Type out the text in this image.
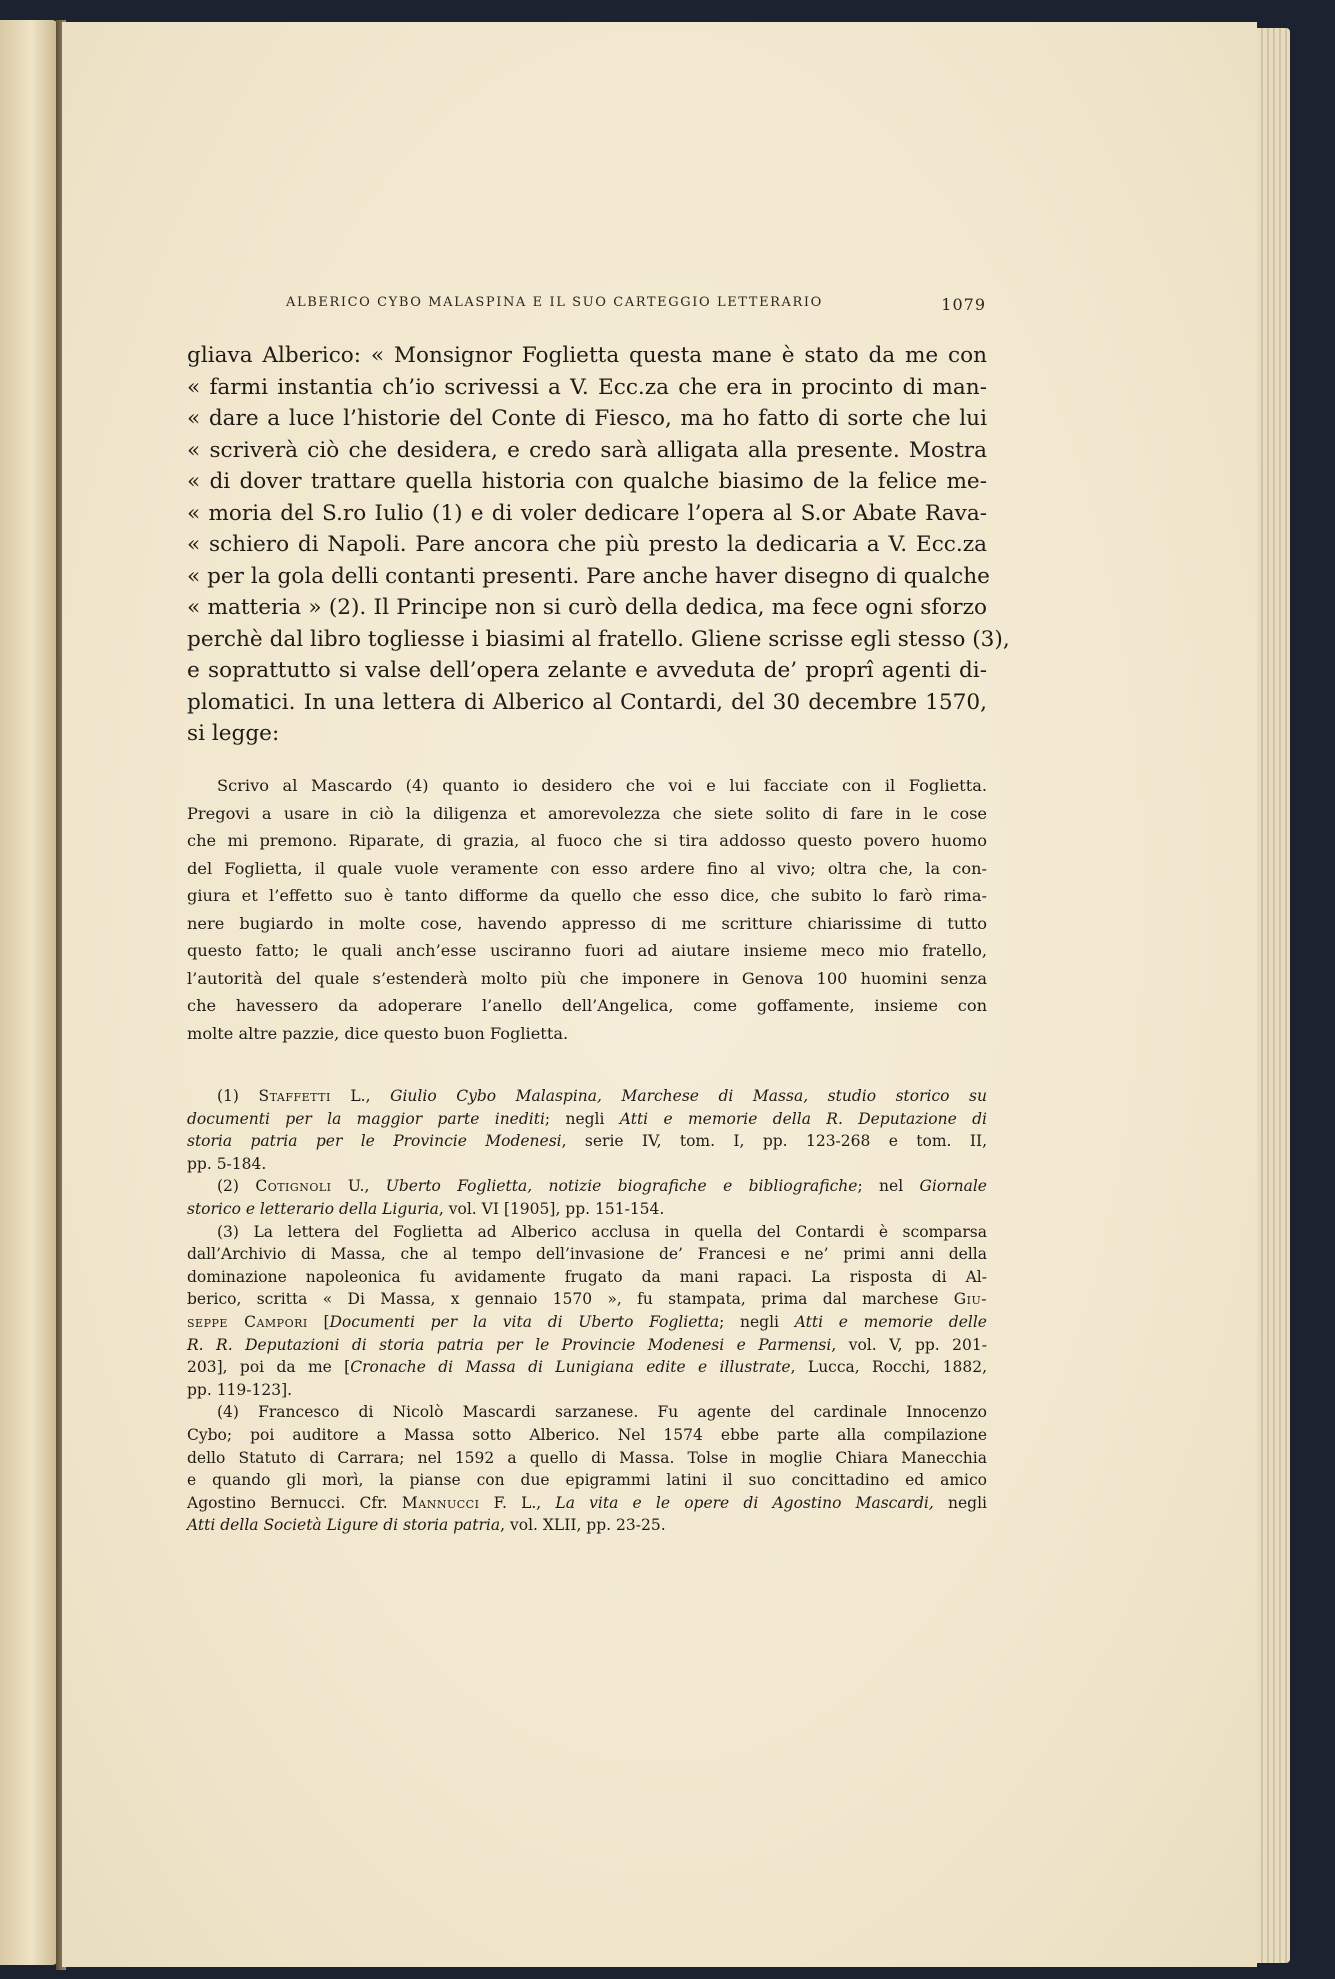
ALBERICO CYBO MALASPINA E IL SUO CARTEGGIO LETTERARIO	1079
gliava Alberico: « Monsignor Foglietta questa mane è stato da me con
« farmi instantia ch’io scrivessi a V. Ecc.za che era in procinto di man-
« dare a luce l’historie del Conte di Fiesco, ma ho fatto di sorte che lui
« scriverà ciò che desidera, e credo sarà alligata alla presente. Mostra
« di dover trattare quella historia con qualche biasimo de la felice me-
« moria del S.ro Iulio (1) e di voler dedicare l’opera al S.or Abate Rava-
« schiero di Napoli. Pare ancora che più presto la dedicaria a V. Ecc.za
« per la gola delli contanti presenti. Pare anche haver disegno di qualche
« matteria » (2). Il Principe non si curò della dedica, ma fece ogni sforzo
perchè dal libro togliesse i biasimi al fratello. Gliene scrisse egli stesso (3),
e soprattutto si valse dell’opera zelante e avveduta de’ proprî agenti di-
plomatici. In una lettera di Alberico al Contardi, del 30 decembre 1570,
si legge:
Scrivo al Mascardo (4) quanto io desidero che voi e lui facciate con il Foglietta.
Pregovi a usare in ciò la diligenza et amorevolezza che siete solito di fare in le cose
che mi premono. Riparate, di grazia, al fuoco che si tira addosso questo povero huomo
del Foglietta, il quale vuole veramente con esso ardere fino al vivo; oltra che, la con-
giura et l’effetto suo è tanto difforme da quello che esso dice, che subito lo farò rima-
nere bugiardo in molte cose, havendo appresso di me scritture chiarissime di tutto
questo fatto; le quali anch’esse usciranno fuori ad aiutare insieme meco mio fratello,
l’autorità del quale s’estenderà molto più che imponere in Genova 100 huomini senza
che havessero da adoperare l’anello dell’Angelica, come goffamente, insieme con
molte altre pazzie, dice questo buon Foglietta.
(1) Staffetti L., Giulio Cybo Malaspina, Marchese di Massa, studio storico su
documenti per la maggior parte inediti; negli Atti e memorie della R. Deputazione di
storia patria per le Provincie Modenesi, serie IV, tom. I, pp. 123-268 e tom. II,
pp. 5-184.
(2) Cotignoli U., Uberto Foglietta, notizie biografiche e bibliografiche; nel Giornale
storico e letterario della Liguria, vol. VI [1905], pp. 151-154.
(3) La lettera del Foglietta ad Alberico acclusa in quella del Contardi è scomparsa
dall’Archivio di Massa, che al tempo dell’invasione de’ Francesi e ne’ primi anni della
dominazione napoleonica fu avidamente frugato da mani rapaci. La risposta di Al-
berico, scritta « Di Massa, x gennaio 1570 », fu stampata, prima dal marchese Giu-
seppe Campori [Documenti per la vita di Uberto Foglietta; negli Atti e memorie delle
R. R. Deputazioni di storia patria per le Provincie Modenesi e Parmensi, vol. V, pp. 201-
203], poi da me [Cronache di Massa di Lunigiana edite e illustrate, Lucca, Rocchi, 1882,
pp. 119-123].
(4) Francesco di Nicolò Mascardi sarzanese. Fu agente del cardinale Innocenzo
Cybo; poi auditore a Massa sotto Alberico. Nel 1574 ebbe parte alla compilazione
dello Statuto di Carrara; nel 1592 a quello di Massa. Tolse in moglie Chiara Manecchia
e quando gli morì, la pianse con due epigrammi latini il suo concittadino ed amico
Agostino Bernucci. Cfr. Mannucci F. L., La vita e le opere di Agostino Mascardi, negli
Atti della Società Ligure di storia patria, vol. XLII, pp. 23-25.
